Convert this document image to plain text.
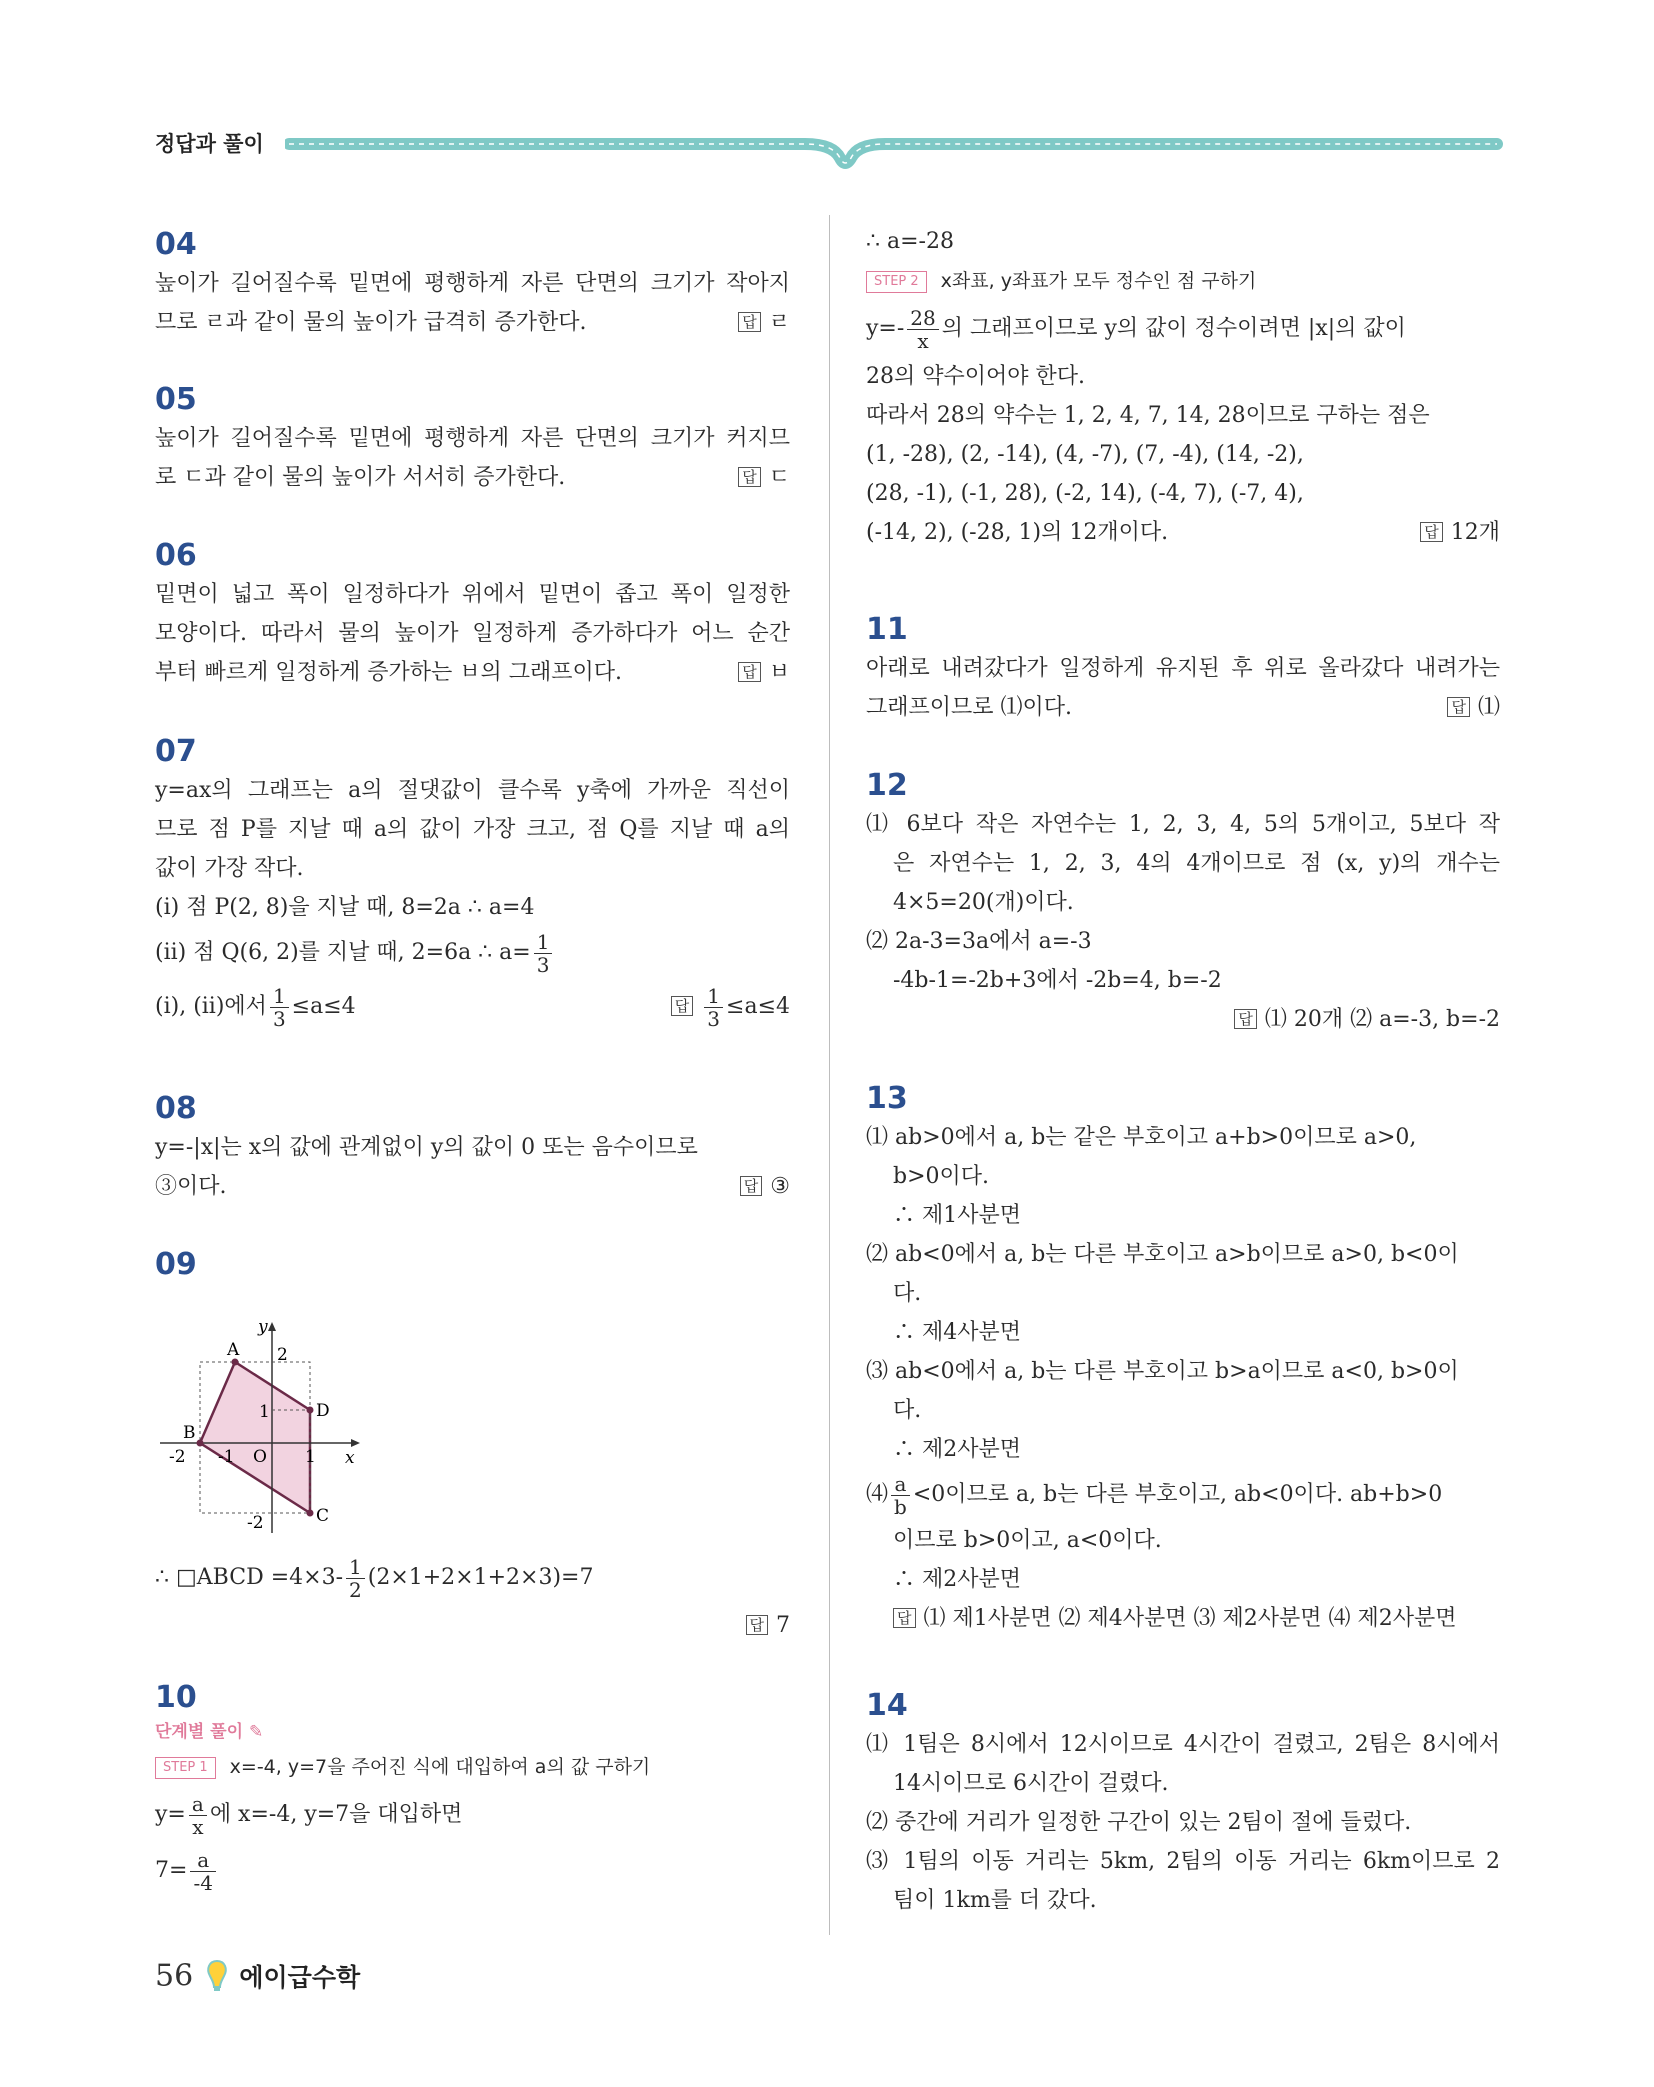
정답과 풀이
04
높이가 길어질수록 밑면에 평행하게 자른 단면의 크기가 작아지
므로 ㄹ과 같이 물의 높이가 급격히 증가한다.	답 ㄹ
05
높이가 길어질수록 밑면에 평행하게 자른 단면의 크기가 커지므
로 ㄷ과 같이 물의 높이가 서서히 증가한다.	답 ㄷ
06
밑면이 넓고 폭이 일정하다가 위에서 밑면이 좁고 폭이 일정한
모양이다. 따라서 물의 높이가 일정하게 증가하다가 어느 순간
부터 빠르게 일정하게 증가하는 ㅂ의 그래프이다.	답 ㅂ
07
y=ax의 그래프는 a의 절댓값이 클수록 y축에 가까운 직선이
므로 점 P를 지날 때 a의 값이 가장 크고, 점 Q를 지날 때 a의
값이 가장 작다.
(i) 점 P(2, 8)을 지날 때, 8=2a ∴ a=4
(ii) 점 Q(6, 2)를 지날 때, 2=6a ∴ $a= \frac{1}{3}$
(i), (ii)에서 $\frac{1}{3} \le a\le 4$	답 $\frac{1}{3} \le a\le 4$
08
y=-|x|는 x의 값에 관계없이 y의 값이 0 또는 음수이므로
③이다.	답 ③
09
y
x
A
B
C
D
O
2
1
-1
-2	1
-2
∴ □ABCD $=4\times 3- \frac{1}{2} (2\times 1+2\times 1+2\times 3)=7$
답 7

10
단계별 풀이 ✎
STEP 1 x=-4, y=7을 주어진 식에 대입하여 a의 값 구하기
$y= \frac{a}{x}$ 에 x=-4, y=7을 대입하면
$7= \frac{a}{-4}$
∴ a=-28
STEP 2 x좌표, y좌표가 모두 정수인 점 구하기
$y=- \frac{28}{x}$ 의 그래프이므로 y의 값이 정수이려면 |x|의 값이
28의 약수이어야 한다.
따라서 28의 약수는 1, 2, 4, 7, 14, 28이므로 구하는 점은
(1, -28), (2, -14), (4, -7), (7, -4), (14, -2),
(28, -1), (-1, 28), (-2, 14), (-4, 7), (-7, 4),
(-14, 2), (-28, 1)의 12개이다.	답 12개
11
아래로 내려갔다가 일정하게 유지된 후 위로 올라갔다 내려가는
그래프이므로 ⑴이다.	답 ⑴
12
⑴ 6보다 작은 자연수는 1, 2, 3, 4, 5의 5개이고, 5보다 작
은 자연수는 1, 2, 3, 4의 4개이므로 점 (x, y)의 개수는
4×5=20(개)이다.
⑵ 2a-3=3a에서 a=-3
-4b-1=-2b+3에서 -2b=4, b=-2

답 ⑴ 20개 ⑵ a=-3, b=-2
13
⑴ ab>0에서 a, b는 같은 부호이고 a+b>0이므로 a>0,
b>0이다.
∴ 제1사분면
⑵ ab<0에서 a, b는 다른 부호이고 a>b이므로 a>0, b<0이
다.
∴ 제4사분면
⑶ ab<0에서 a, b는 다른 부호이고 b>a이므로 a<0, b>0이
다.
∴ 제2사분면
⑷ $\frac{a}{b} <0$이므로 a, b는 다른 부호이고, ab<0이다. ab+b>0
이므로 b>0이고, a<0이다.
∴ 제2사분면
답 ⑴ 제1사분면 ⑵ 제4사분면 ⑶ 제2사분면 ⑷ 제2사분면
14
⑴ 1팀은 8시에서 12시이므로 4시간이 걸렸고, 2팀은 8시에서
14시이므로 6시간이 걸렸다.
⑵ 중간에 거리가 일정한 구간이 있는 2팀이 절에 들렀다.
⑶ 1팀의 이동 거리는 5km, 2팀의 이동 거리는 6km이므로 2
팀이 1km를 더 갔다.
56 에이급수학
